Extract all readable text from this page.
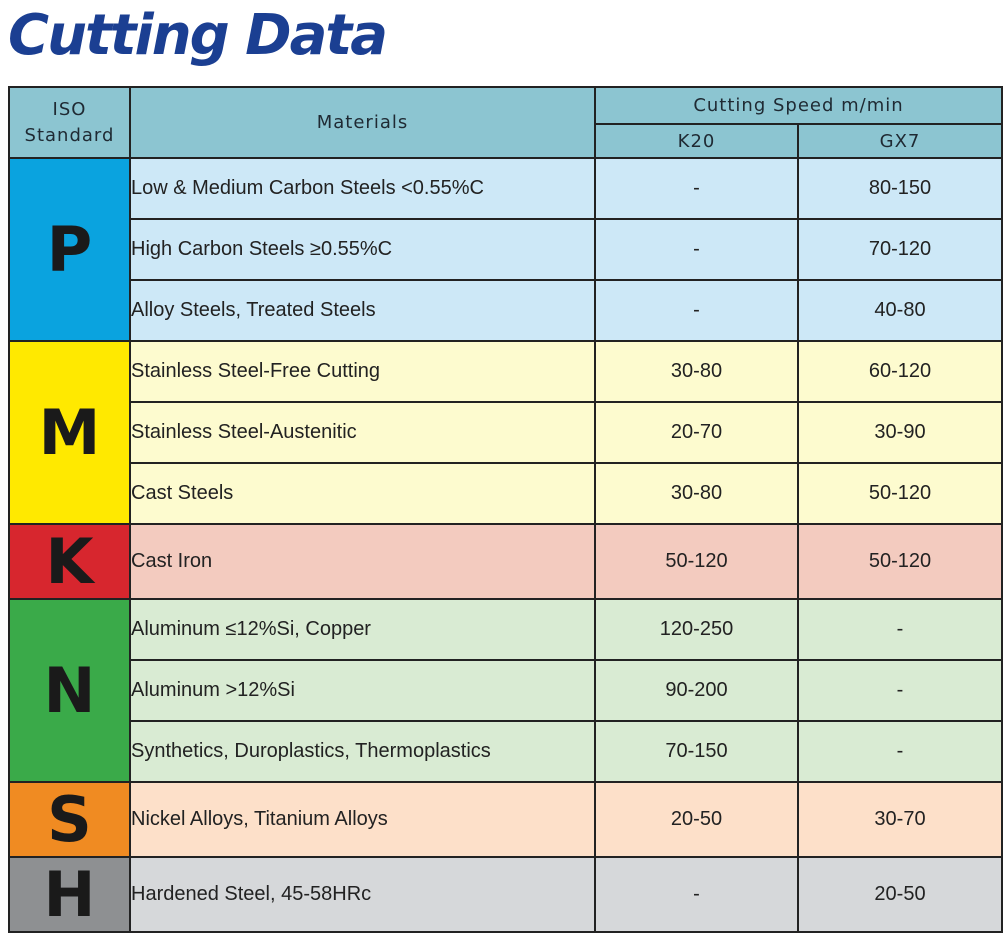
Cutting Data
ISO
Standard	Materials	Cutting Speed m/min	
		K20	GX7
P	Low & Medium Carbon Steels <0.55%C	-	80-150
	High Carbon Steels ≥0.55%C	-	70-120
	Alloy Steels, Treated Steels	-	40-80
M	Stainless Steel-Free Cutting	30-80	60-120
	Stainless Steel-Austenitic	20-70	30-90
	Cast Steels	30-80	50-120
K	Cast Iron	50-120	50-120
N	Aluminum ≤12%Si, Copper	120-250	-
	Aluminum >12%Si	90-200	-
	Synthetics, Duroplastics, Thermoplastics	70-150	-
S	Nickel Alloys, Titanium Alloys	20-50	30-70
H	Hardened Steel, 45-58HRc	-	20-50
